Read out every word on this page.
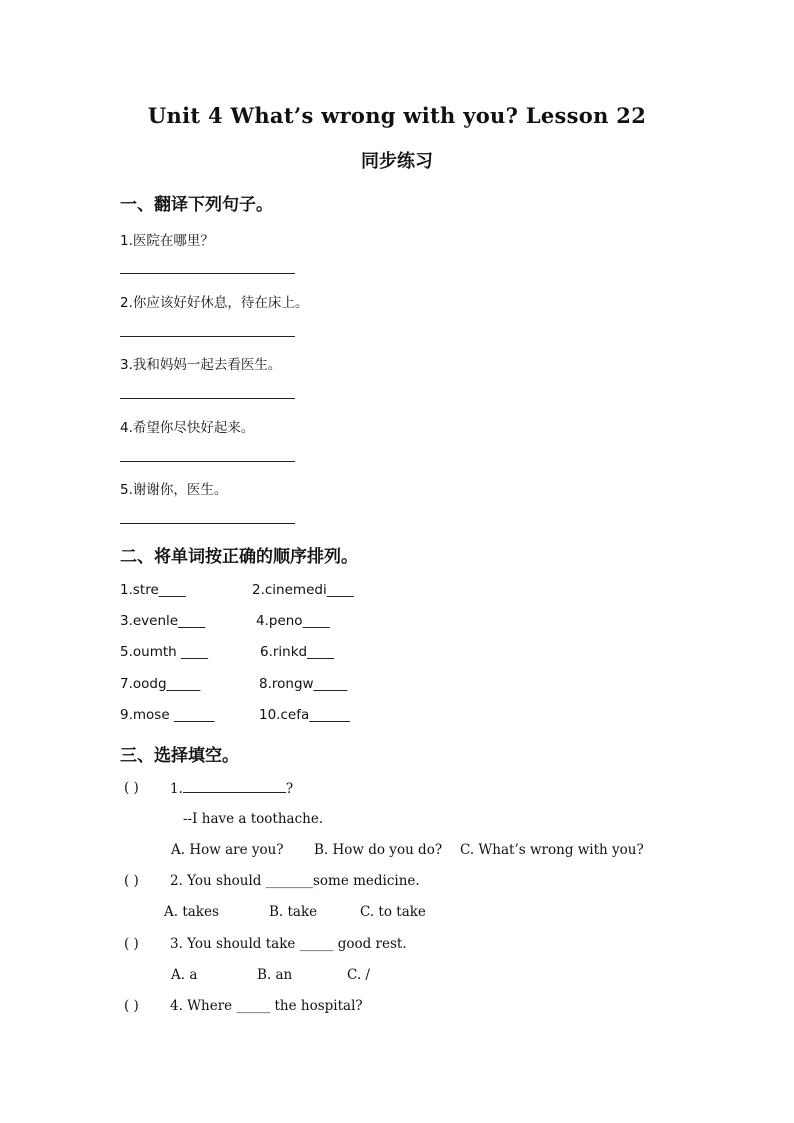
Unit 4 What’s wrong with you? Lesson 22
同步练习
一、翻译下列句子。
1.医院在哪里？
2.你应该好好休息，待在床上。
3.我和妈妈一起去看医生。
4.希望你尽快好起来。
5.谢谢你，医生。
二、将单词按正确的顺序排列。
1.stre____	2.cinemedi____
3.evenle____	4.peno____
5.oumth ____	6.rinkd____
7.oodg_____	8.rongw_____
9.mose ______	10.cefa______
三、选择填空。
( ) 1.	?
--I have a toothache.
A. How are you? B. How do you do? C. What’s wrong with you?
( ) 2. You should _______some medicine.
A. takes	B. take	C. to take
( ) 3. You should take _____ good rest.
A. a	B. an	C. /
( ) 4. Where _____ the hospital?
